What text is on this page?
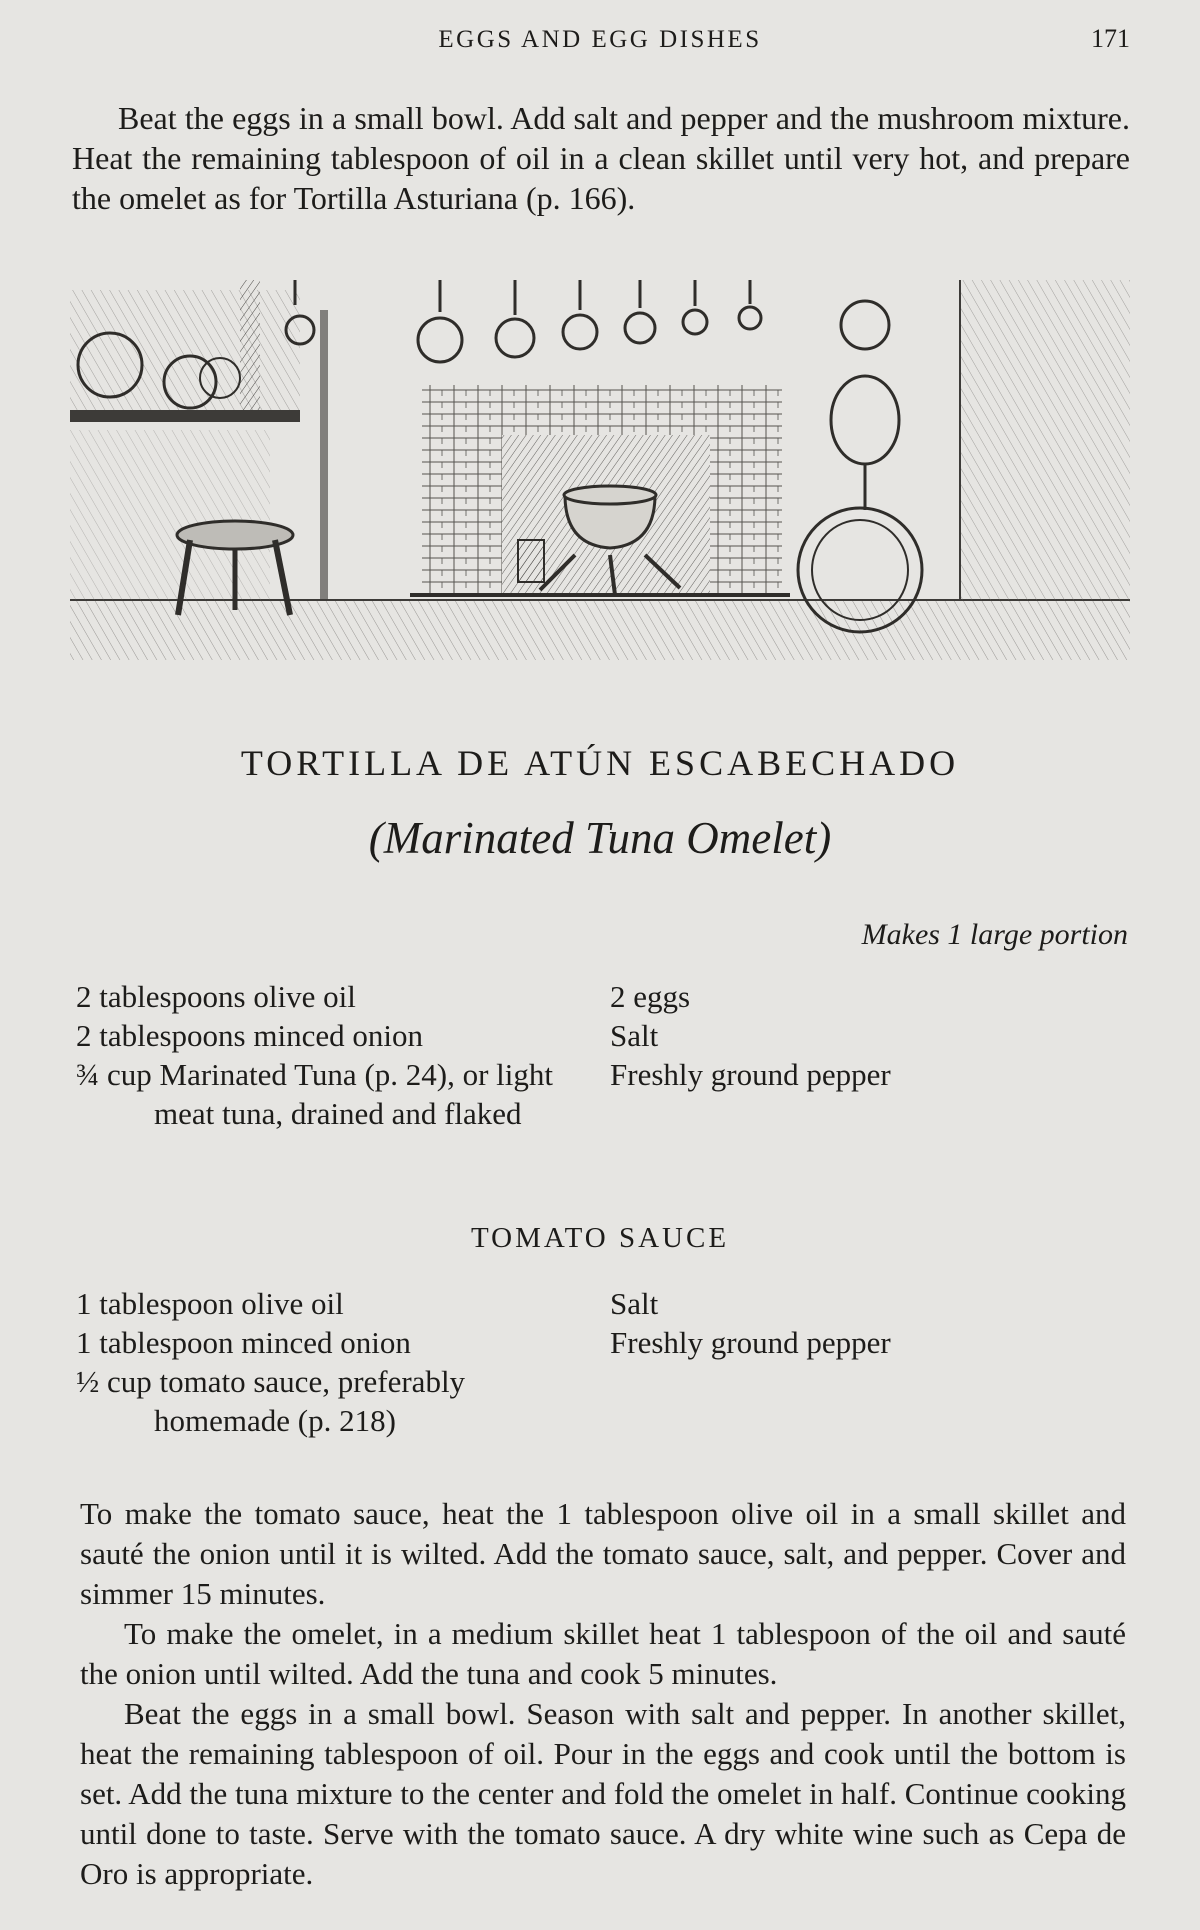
EGGS AND EGG DISHES	171
Beat the eggs in a small bowl. Add salt and pepper and the mushroom mixture. Heat the remaining tablespoon of oil in a clean skillet until very hot, and prepare the omelet as for Tortilla Asturiana (p. 166).
TORTILLA DE ATÚN ESCABECHADO
(Marinated Tuna Omelet)
Makes 1 large portion
2 tablespoons olive oil
2 tablespoons minced onion
¾ cup Marinated Tuna (p. 24), or light meat tuna, drained and flaked
2 eggs
Salt
Freshly ground pepper
TOMATO SAUCE
1 tablespoon olive oil
1 tablespoon minced onion
½ cup tomato sauce, preferably homemade (p. 218)
Salt
Freshly ground pepper

To make the tomato sauce, heat the 1 tablespoon olive oil in a small skillet and sauté the onion until it is wilted. Add the tomato sauce, salt, and pepper. Cover and simmer 15 minutes.

To make the omelet, in a medium skillet heat 1 tablespoon of the oil and sauté the onion until wilted. Add the tuna and cook 5 minutes.

Beat the eggs in a small bowl. Season with salt and pepper. In another skillet, heat the remaining tablespoon of oil. Pour in the eggs and cook until the bottom is set. Add the tuna mixture to the center and fold the omelet in half. Continue cooking until done to taste. Serve with the tomato sauce. A dry white wine such as Cepa de Oro is appropriate.
